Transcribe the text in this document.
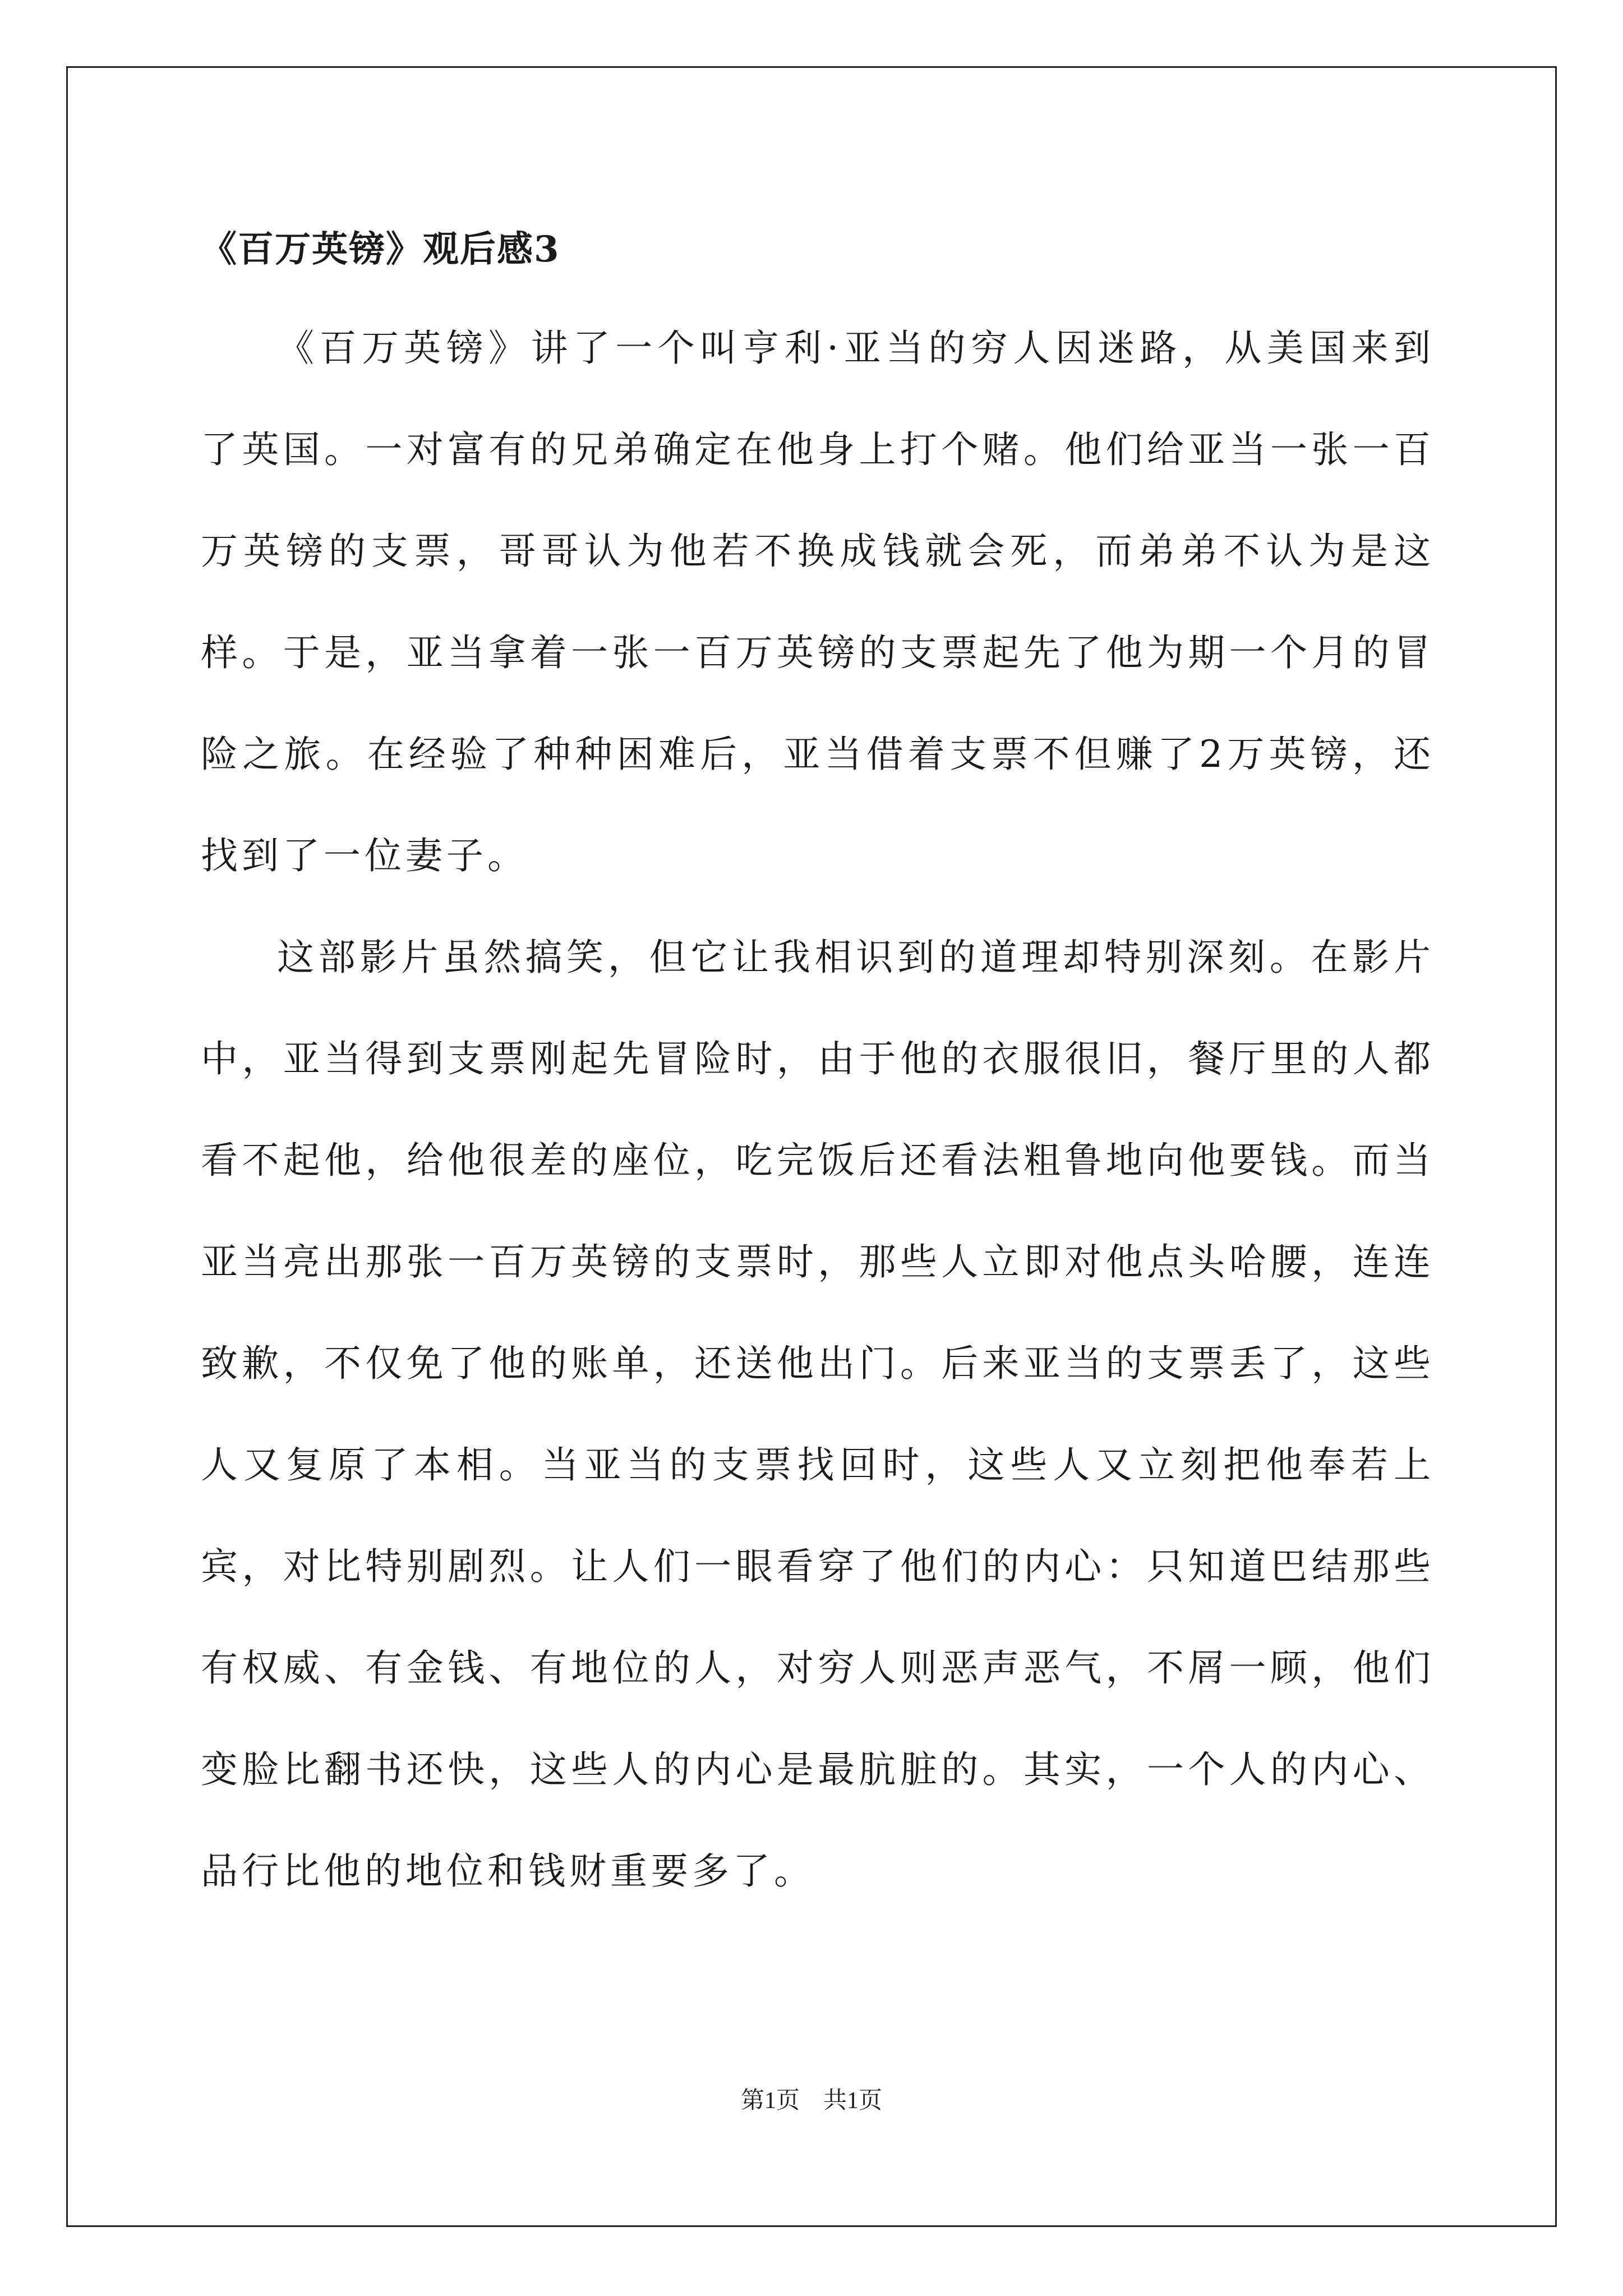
《百万英镑》观后感3

《百万英镑》讲了一个叫亨利·亚当的穷人因迷路，从美国来到了英国。一对富有的兄弟确定在他身上打个赌。他们给亚当一张一百万英镑的支票，哥哥认为他若不换成钱就会死，而弟弟不认为是这样。于是，亚当拿着一张一百万英镑的支票起先了他为期一个月的冒险之旅。在经验了种种困难后，亚当借着支票不但赚了2万英镑，还找到了一位妻子。

这部影片虽然搞笑，但它让我相识到的道理却特别深刻。在影片中，亚当得到支票刚起先冒险时，由于他的衣服很旧，餐厅里的人都看不起他，给他很差的座位，吃完饭后还看法粗鲁地向他要钱。而当亚当亮出那张一百万英镑的支票时，那些人立即对他点头哈腰，连连致歉，不仅免了他的账单，还送他出门。后来亚当的支票丢了，这些人又复原了本相。当亚当的支票找回时，这些人又立刻把他奉若上宾，对比特别剧烈。让人们一眼看穿了他们的内心：只知道巴结那些有权威、有金钱、有地位的人，对穷人则恶声恶气，不屑一顾，他们变脸比翻书还快，这些人的内心是最肮脏的。其实，一个人的内心、品行比他的地位和钱财重要多了。

第1页　共1页
